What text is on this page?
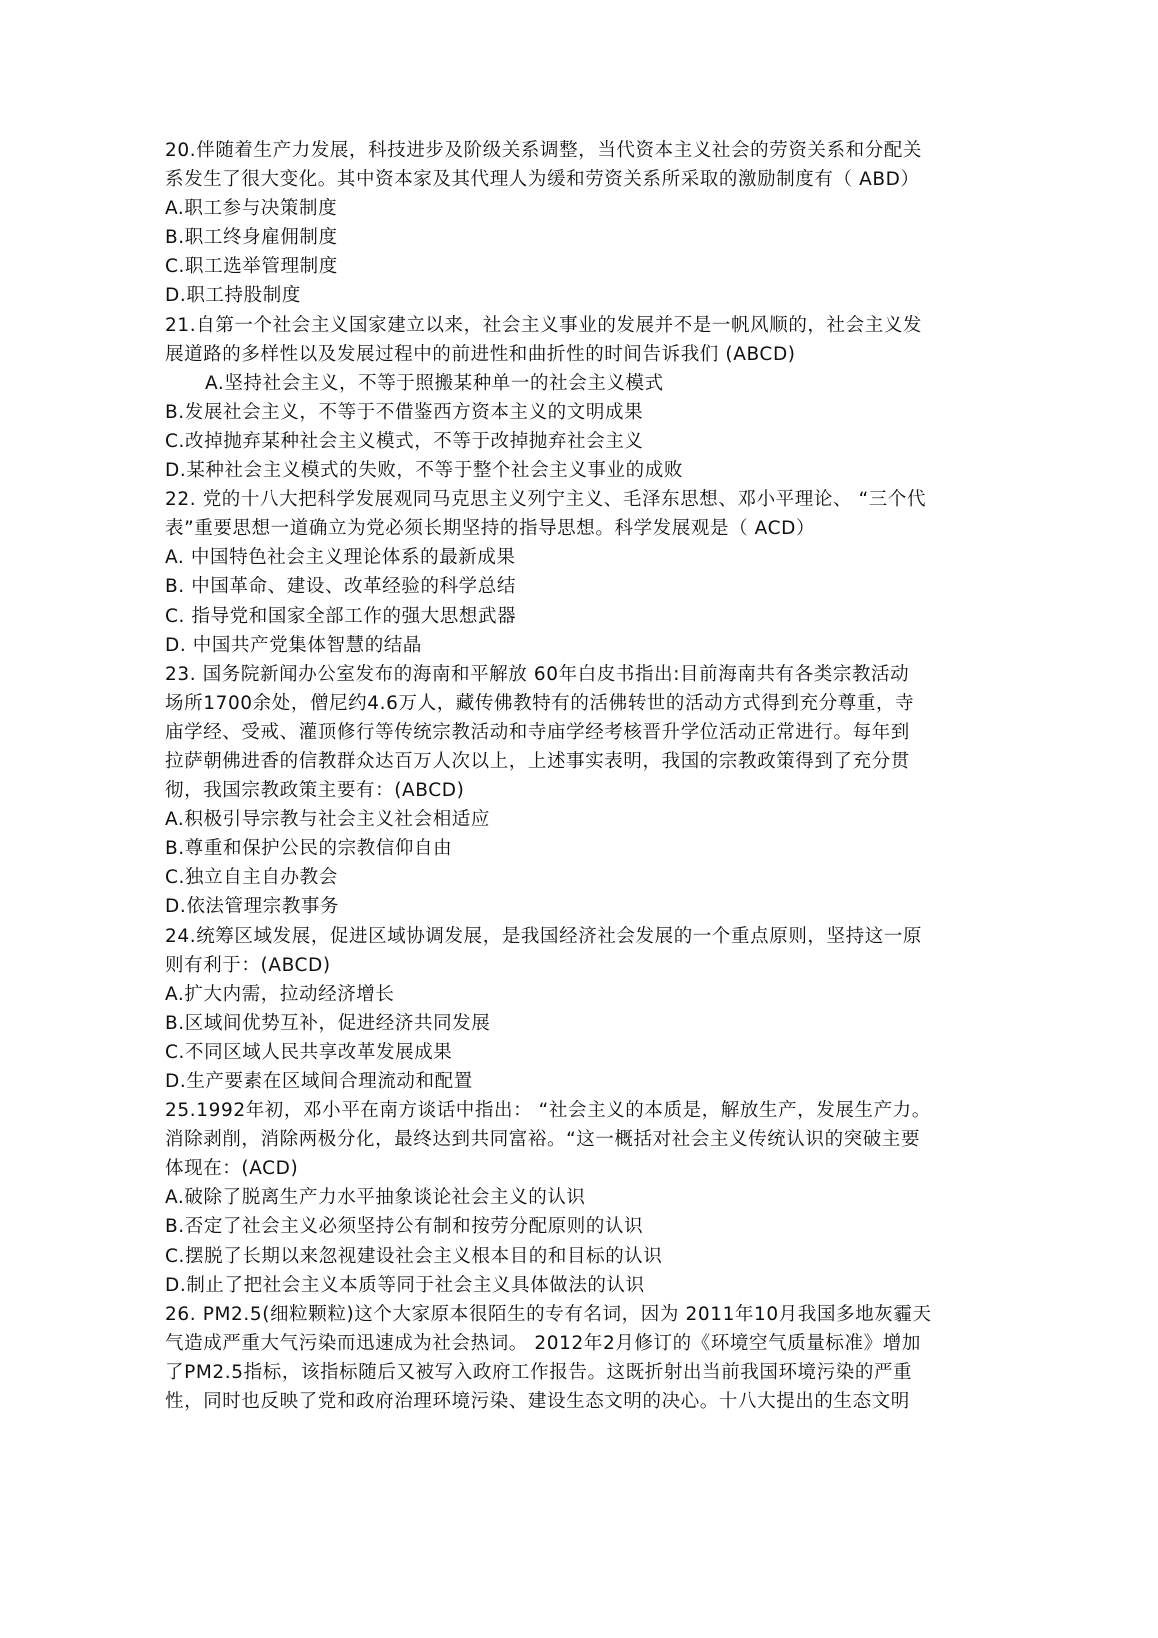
20.伴随着生产力发展，科技进步及阶级关系调整，当代资本主义社会的劳资关系和分配关
系发生了很大变化。其中资本家及其代理人为缓和劳资关系所采取的激励制度有（ ABD）
A.职工参与决策制度
B.职工终身雇佣制度
C.职工选举管理制度
D.职工持股制度
21.自第一个社会主义国家建立以来，社会主义事业的发展并不是一帆风顺的，社会主义发
展道路的多样性以及发展过程中的前进性和曲折性的时间告诉我们 (ABCD)
A.坚持社会主义，不等于照搬某种单一的社会主义模式
B.发展社会主义，不等于不借鉴西方资本主义的文明成果
C.改掉抛弃某种社会主义模式，不等于改掉抛弃社会主义
D.某种社会主义模式的失败，不等于整个社会主义事业的成败
22. 党的十八大把科学发展观同马克思主义列宁主义、毛泽东思想、邓小平理论、 “三个代
表”重要思想一道确立为党必须长期坚持的指导思想。科学发展观是（ ACD）
A. 中国特色社会主义理论体系的最新成果
B. 中国革命、建设、改革经验的科学总结
C. 指导党和国家全部工作的强大思想武器
D. 中国共产党集体智慧的结晶
23. 国务院新闻办公室发布的海南和平解放 60年白皮书指出:目前海南共有各类宗教活动
场所1700余处，僧尼约4.6万人，藏传佛教特有的活佛转世的活动方式得到充分尊重，寺
庙学经、受戒、灌顶修行等传统宗教活动和寺庙学经考核晋升学位活动正常进行。每年到
拉萨朝佛进香的信教群众达百万人次以上，上述事实表明，我国的宗教政策得到了充分贯
彻，我国宗教政策主要有：(ABCD)
A.积极引导宗教与社会主义社会相适应
B.尊重和保护公民的宗教信仰自由
C.独立自主自办教会
D.依法管理宗教事务
24.统筹区域发展，促进区域协调发展，是我国经济社会发展的一个重点原则，坚持这一原
则有利于：(ABCD)
A.扩大内需，拉动经济增长
B.区域间优势互补，促进经济共同发展
C.不同区域人民共享改革发展成果
D.生产要素在区域间合理流动和配置
25.1992年初，邓小平在南方谈话中指出： “社会主义的本质是，解放生产，发展生产力。
消除剥削，消除两极分化，最终达到共同富裕。“这一概括对社会主义传统认识的突破主要
体现在：(ACD)
A.破除了脱离生产力水平抽象谈论社会主义的认识
B.否定了社会主义必须坚持公有制和按劳分配原则的认识
C.摆脱了长期以来忽视建设社会主义根本目的和目标的认识
D.制止了把社会主义本质等同于社会主义具体做法的认识
26. PM2.5(细粒颗粒)这个大家原本很陌生的专有名词，因为 2011年10月我国多地灰霾天
气造成严重大气污染而迅速成为社会热词。 2012年2月修订的《环境空气质量标准》增加
了PM2.5指标，该指标随后又被写入政府工作报告。这既折射出当前我国环境污染的严重
性，同时也反映了党和政府治理环境污染、建设生态文明的决心。十八大提出的生态文明
